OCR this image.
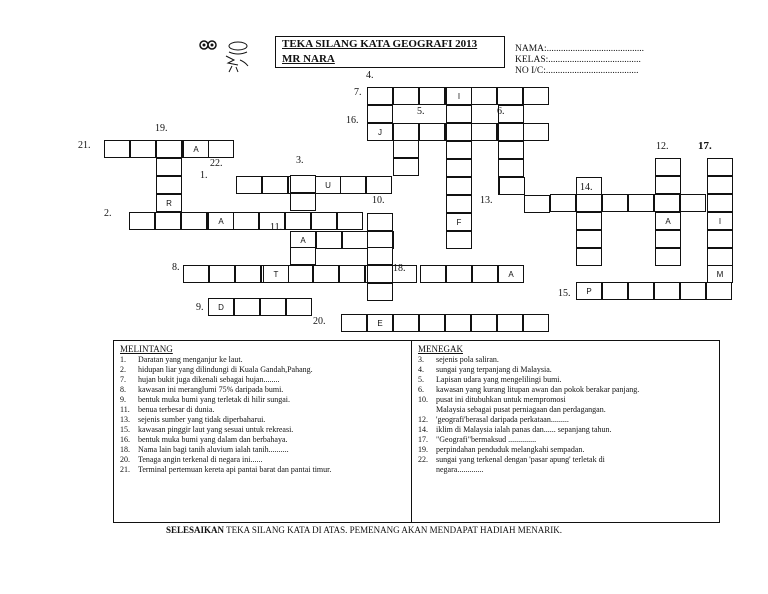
TEKA SILANG KATA GEOGRAFI 2013
MR NARA
NAMA:.........................................
KELAS:.......................................
NO I/C:.......................................
J
R
F	A	I
A
A
P
D
E
I
A
U
A
T	M
4.
7.
5.	6.
16.
21.
19.
12.	17.
22.	3.
1.
14.
10.	13.
2.
11.
8.	18.
15.
9.
20.
MELINTANG
1.	Daratan yang menganjur ke laut.
2.	hidupan liar yang dilindungi di Kuala Gandah,Pahang.
7.	hujan bukit juga dikenali sebagai hujan........
8.	kawasan ini meranglumi 75% daripada bumi.
9.	bentuk muka bumi yang terletak di hilir sungai.
11.	benua terbesar di dunia.
13.	sejenis sumber yang tidak diperbaharui.
15.	kawasan pinggir laut yang sesuai untuk rekreasi.
16.	bentuk muka bumi yang dalam dan berbahaya.
18.	Nama lain bagi tanih aluvium ialah tanih..........
20.	Tenaga angin terkenal di negara ini......
21.	Terminal pertemuan kereta api pantai barat dan pantai timur.
MENEGAK
3.	sejenis pola saliran.
4.	sungai yang terpanjang di Malaysia.
5.	Lapisan udara yang mengelilingi bumi.
6.	kawasan yang kurang litupan awan dan pokok berakar panjang.
10.	pusat ini ditubuhkan untuk mempromosi
Malaysia sebagai pusat perniagaan dan perdagangan.
12.	'geografi'berasal daripada perkataan.........
14.	iklim di Malaysia ialah panas dan...... sepanjang tahun.
17.	"Geografi"bermaksud ..............
19.	perpindahan penduduk melangkahi sempadan.
22.	sungai yang terkenal dengan 'pasar apung' terletak di
negara.............
SELESAIKAN TEKA SILANG KATA DI ATAS. PEMENANG AKAN MENDAPAT HADIAH MENARIK.
